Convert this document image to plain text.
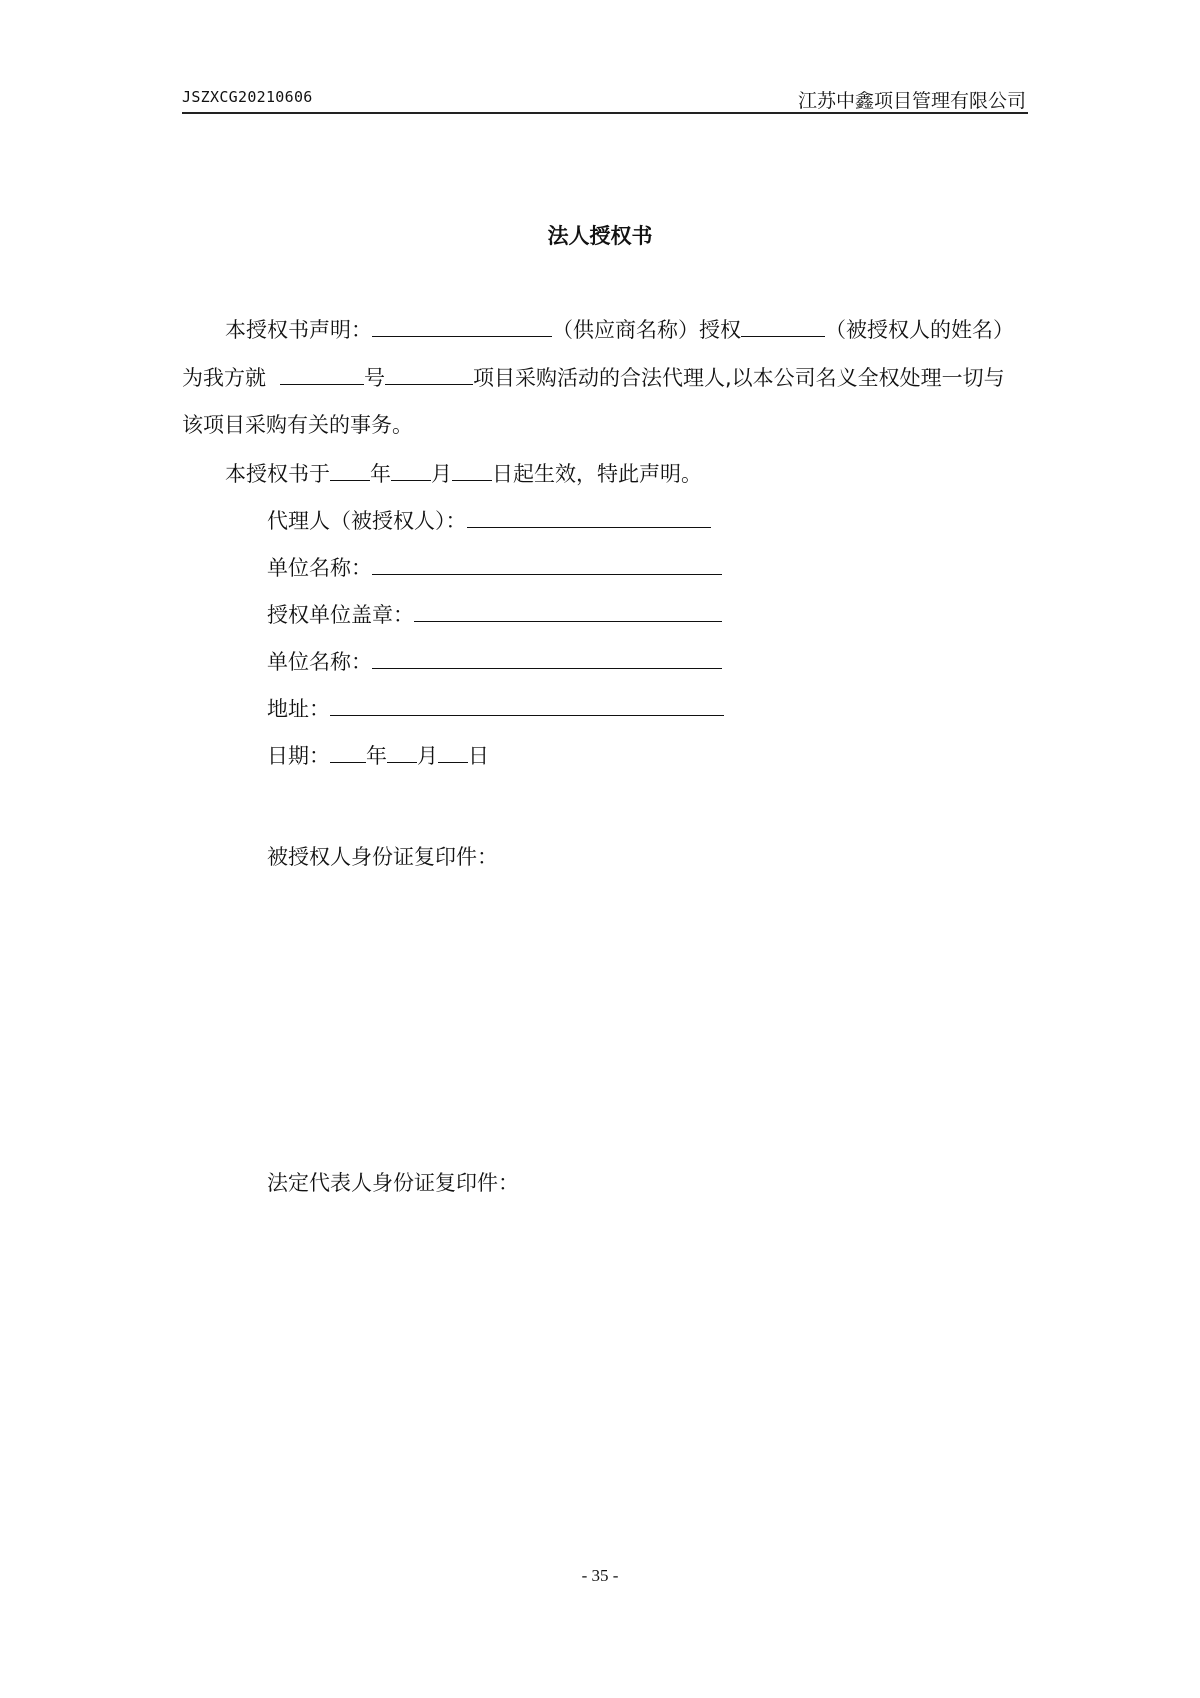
JSZXCG20210606	江苏中鑫项目管理有限公司
法人授权书
本授权书声明：	（供应商名称）授权	（被授权人的姓名）
为我方就	号	项目采购活动的合法代理人,以本公司名义全权处理一切与
该项目采购有关的事务。
本授权书于 年 月 日起生效，特此声明。
代理人（被授权人）：
单位名称：
授权单位盖章：
单位名称：
地址：
日期： 年 月 日
被授权人身份证复印件：
法定代表人身份证复印件：
- 35 -
